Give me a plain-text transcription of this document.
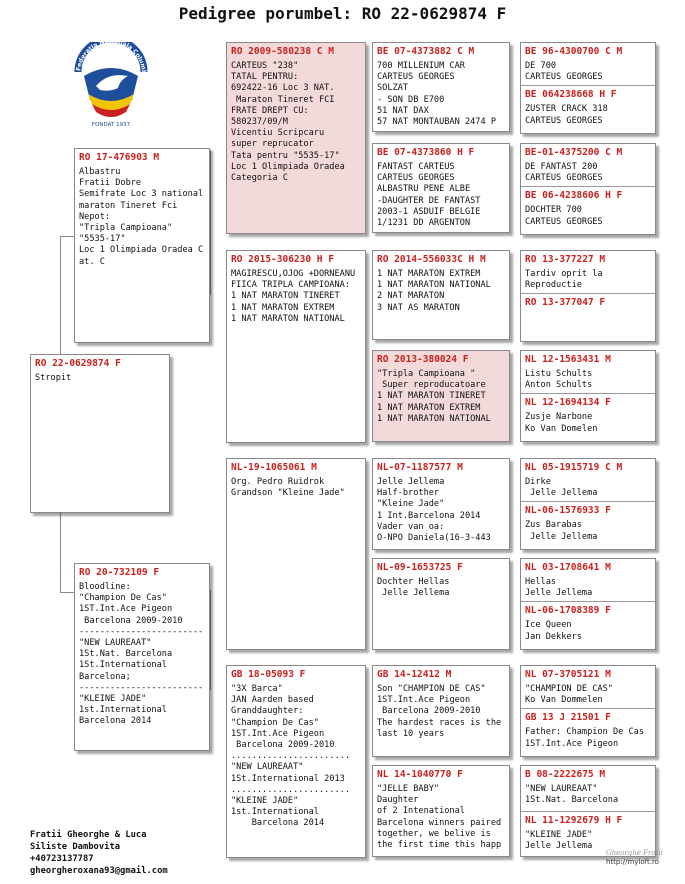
Pedigree porumbel: RO 22-0629874 F
Federatia N nala Columb
FONDAT 1937
RO 22-0629874 F
Stropit
RO 17-476903 M
Albastru
Fratii Dobre
Semifrate Loc 3 national
maraton Tineret Fci
Nepot:
"Tripla Campioana"
"5535-17"
Loc 1 Olimpiada Oradea C
at. C
RO 20-732109 F
Bloodline:
"Champion De Cas"
1ST.Int.Ace Pigeon
Barcelona 2009-2010
------------------------
"NEW LAUREAAT"
1St.Nat. Barcelona
1St.International
Barcelona;
------------------------
"KLEINE JADE"
1st.International
Barcelona 2014
RO 2009-580238 C M
CARTEUS "238"
TATAL PENTRU:
692422-16 Loc 3 NAT.
Maraton Tineret FCI
FRATE DREPT CU:
580237/09/M
Vicentiu Scripcaru
super reprucator
Tata pentru "5535-17"
Loc 1 Olimpiada Oradea
Categoria C
RO 2015-306230 H F
MAGIRESCU,OJOG +DORNEANU
FIICA TRIPLA CAMPIOANA:
1 NAT MARATON TINERET
1 NAT MARATON EXTREM
1 NAT MARATON NATIONAL
NL-19-1065061 M
Org. Pedro Ruidrok
Grandson "Kleine Jade"
GB 18-05093 F
"3X Barca"
JAN Aarden based
Granddaughter:
"Champion De Cas"
1ST.Int.Ace Pigeon
Barcelona 2009-2010
.......................
"NEW LAUREAAT"
1St.International 2013
.......................
"KLEINE JADE"
1st.International
Barcelona 2014
BE 07-4373882 C M
700 MILLENIUM CAR
CARTEUS GEORGES
SOLZAT
- SON DB E700
51 NAT DAX
57 NAT MONTAUBAN 2474 P
BE 07-4373860 H F
FANTAST CARTEUS
CARTEUS GEORGES
ALBASTRU PENE ALBE
-DAUGHTER DE FANTAST
2003-1 ASDUIF BELGIE
1/1231 DD ARGENTON
RO 2014-556033C H M
1 NAT MARATON EXTREM
1 NAT MARATON NATIONAL
2 NAT MARATON
3 NAT AS MARATON
RO 2013-380024 F
"Tripla Campioana "
Super reproducatoare
1 NAT MARATON TINERET
1 NAT MARATON EXTREM
1 NAT MARATON NATIONAL
NL-07-1187577 M
Jelle Jellema
Half-brother
"Kleine Jade"
1 Int.Barcelona 2014
Vader van oa:
O-NPO Daniela(16-3-443
NL-09-1653725 F
Dochter Hellas
Jelle Jellema
GB 14-12412 M
Son "CHAMPION DE CAS"
1ST.Int.Ace Pigeon
Barcelona 2009-2010
The hardest races is the
last 10 years
NL 14-1040770 F
"JELLE BABY"
Daughter
of 2 Intenational
Barcelona winners paired
together, we belive is
the first time this happ
BE 96-4300700 C M
DE 700
CARTEUS GEORGES
BE 064238668 H F
ZUSTER CRACK 318
CARTEUS GEORGES
BE-01-4375200 C M
DE FANTAST 200
CARTEUS GEORGES
BE 06-4238606 H F
DOCHTER 700
CARTEUS GEORGES
RO 13-377227 M
Tardiv oprit la
Reproductie
RO 13-377047 F
NL 12-1563431 M
Listu Schults
Anton Schults
NL 12-1694134 F
Zusje Narbone
Ko Van Domelen
NL 05-1915719 C M
Dirke
Jelle Jellema
NL-06-1576933 F
Zus Barabas
Jelle Jellema
NL 03-1708641 M
Hellas
Jelle Jellema
NL-06-1708389 F
Ice Queen
Jan Dekkers
NL 07-3705121 M
"CHAMPION DE CAS"
Ko Van Dommelen
GB 13 J 21501 F
Father: Champion De Cas
1ST.Int.Ace Pigeon
B 08-2222675 M
"NEW LAUREAAT"
1St.Nat. Barcelona
NL 11-1292679 H F
"KLEINE JADE"
Jelle Jellema
Fratii Gheorghe & Luca
Siliste Dambovita
+40723137787
gheorgheroxana93@gmail.com
Gheorghe Fratii
http://myloft.ro
